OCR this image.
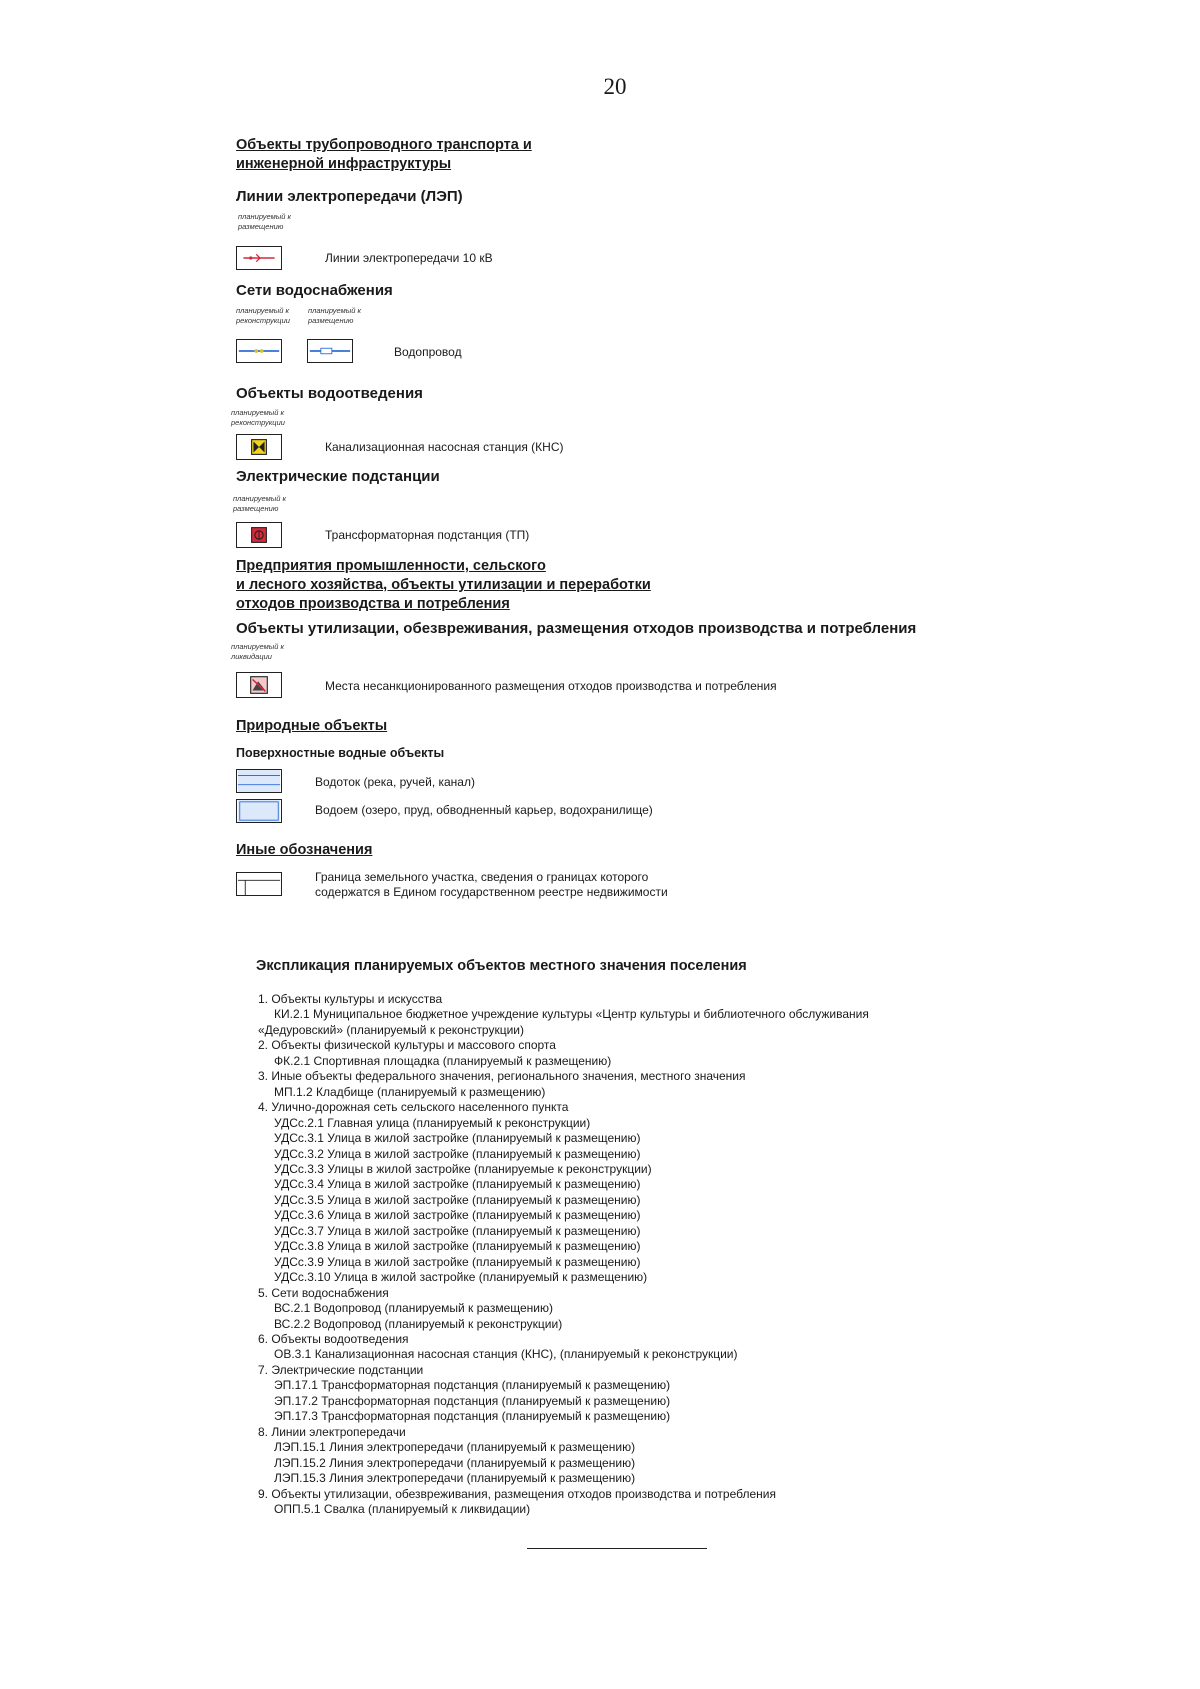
20
Объекты трубопроводного транспорта и
инженерной инфраструктуры
Линии электропередачи (ЛЭП)
планируемый к
размещению
Линии электропередачи 10 кВ
Сети водоснабжения
планируемый к
реконструкции
планируемый к
размещению
Водопровод
Объекты водоотведения
планируемый к
реконструкции
Канализационная насосная станция (КНС)
Электрические подстанции
планируемый к
размещению
Трансформаторная подстанция (ТП)
Предприятия промышленности, сельского
и лесного хозяйства, объекты утилизации и переработки
отходов производства и потребления
Объекты утилизации, обезвреживания, размещения отходов производства и потребления
планируемый к
ликвидации
Места несанкционированного размещения отходов производства и потребления
Природные объекты
Поверхностные водные объекты
Водоток (река, ручей, канал)
Водоем (озеро, пруд, обводненный карьер, водохранилище)
Иные обозначения
Граница земельного участка, сведения о границах которого
содержатся в Едином государственном реестре недвижимости
Экспликация планируемых объектов местного значения поселения
1. Объекты культуры и искусства
КИ.2.1 Муниципальное бюджетное учреждение культуры «Центр культуры и библиотечного обслуживания
«Дедуровский» (планируемый к реконструкции)
2. Объекты физической культуры и массового спорта
ФК.2.1 Спортивная площадка (планируемый к размещению)
3. Иные объекты федерального значения, регионального значения, местного значения
МП.1.2 Кладбище (планируемый к размещению)
4. Улично-дорожная сеть сельского населенного пункта
УДСс.2.1 Главная улица (планируемый к реконструкции)
УДСс.3.1 Улица в жилой застройке (планируемый к размещению)
УДСс.3.2 Улица в жилой застройке (планируемый к размещению)
УДСс.3.3 Улицы в жилой застройке (планируемые к реконструкции)
УДСс.3.4 Улица в жилой застройке (планируемый к размещению)
УДСс.3.5 Улица в жилой застройке (планируемый к размещению)
УДСс.3.6 Улица в жилой застройке (планируемый к размещению)
УДСс.3.7 Улица в жилой застройке (планируемый к размещению)
УДСс.3.8 Улица в жилой застройке (планируемый к размещению)
УДСс.3.9 Улица в жилой застройке (планируемый к размещению)
УДСс.3.10 Улица в жилой застройке (планируемый к размещению)
5. Сети водоснабжения
ВС.2.1 Водопровод (планируемый к размещению)
ВС.2.2 Водопровод (планируемый к реконструкции)
6. Объекты водоотведения
ОВ.3.1 Канализационная насосная станция (КНС), (планируемый к реконструкции)
7. Электрические подстанции
ЭП.17.1 Трансформаторная подстанция (планируемый к размещению)
ЭП.17.2 Трансформаторная подстанция (планируемый к размещению)
ЭП.17.3 Трансформаторная подстанция (планируемый к размещению)
8. Линии электропередачи
ЛЭП.15.1 Линия электропередачи (планируемый к размещению)
ЛЭП.15.2 Линия электропередачи (планируемый к размещению)
ЛЭП.15.3 Линия электропередачи (планируемый к размещению)
9. Объекты утилизации, обезвреживания, размещения отходов производства и потребления
ОПП.5.1 Свалка (планируемый к ликвидации)
